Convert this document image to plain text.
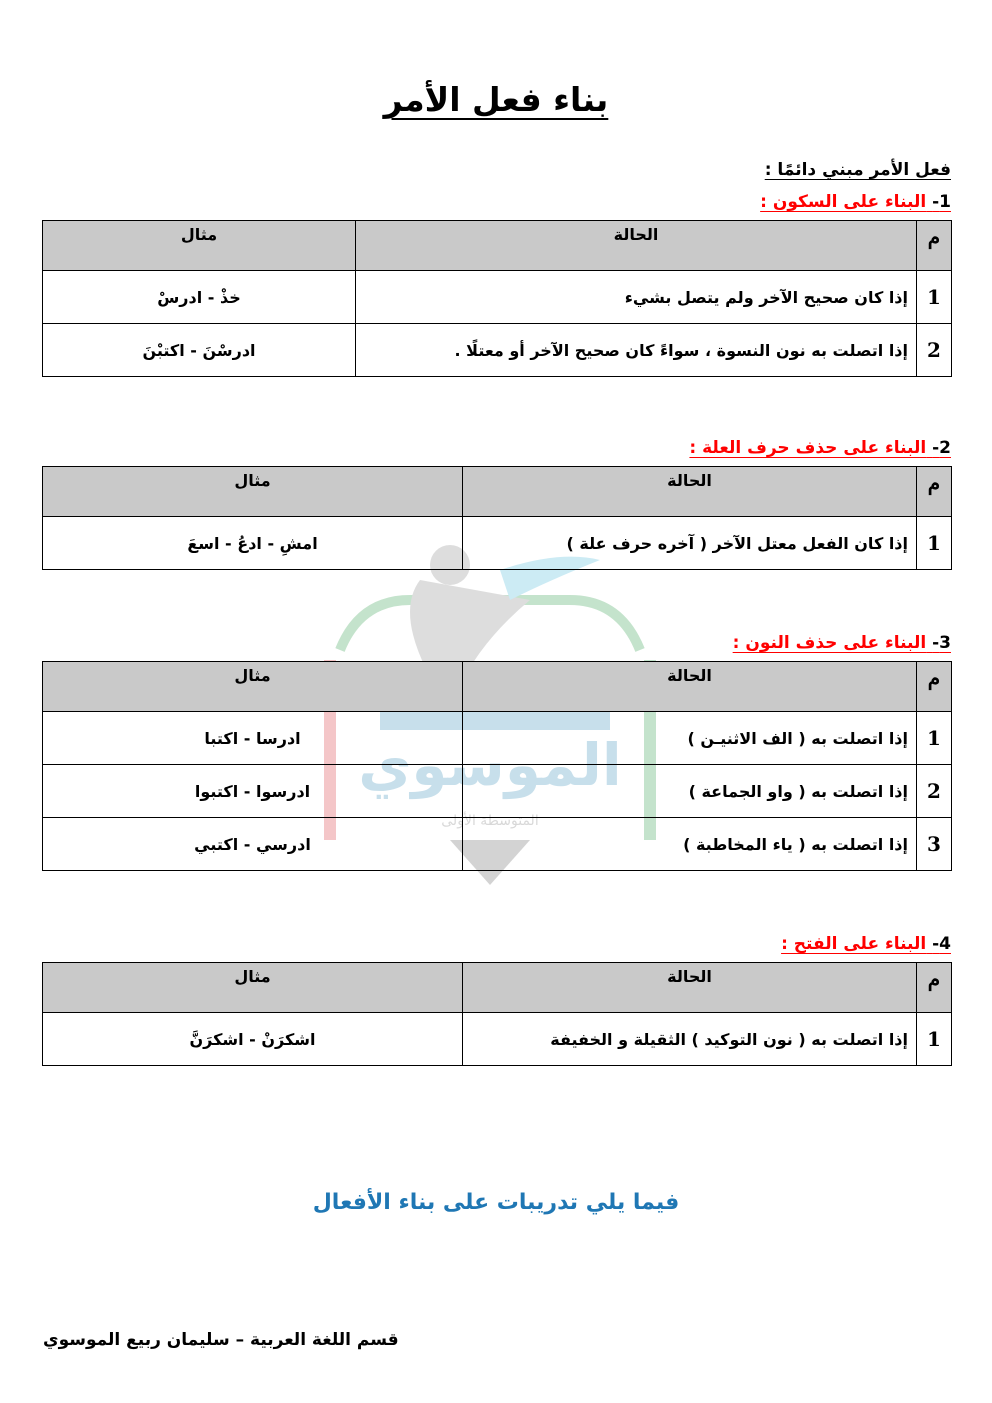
الموسوي
المتوسطة الأولى
بناء فعل الأمر
فعل الأمر مبني دائمًا :
1- البناء على السكون :
م	الحالة	مثال
1	إذا كان صحيح الآخر ولم يتصل بشيء	خذْ - ادرسْ
2	إذا اتصلت به نون النسوة ، سواءً كان صحيح الآخر أو معتلًا .	ادرسْنَ - اكتبْنَ
2- البناء على حذف حرف العلة :
م	الحالة	مثال
1	إذا كان الفعل معتل الآخر ( آخره حرف علة )	امشِ - ادعُ - اسعَ
3- البناء على حذف النون :
م	الحالة	مثال
1	إذا اتصلت به ( الف الاثنيـن )	ادرسا - اكتبا
2	إذا اتصلت به ( واو الجماعة )	ادرسوا - اكتبوا
3	إذا اتصلت به ( ياء المخاطبة )	ادرسي - اكتبي
4- البناء على الفتح :
م	الحالة	مثال
1	إذا اتصلت به ( نون التوكيد ) الثقيلة و الخفيفة	اشكرَنْ - اشكرَنَّ
فيما يلي تدريبات على بناء الأفعال
قسم اللغة العربية – سليمان ربيع الموسوي
